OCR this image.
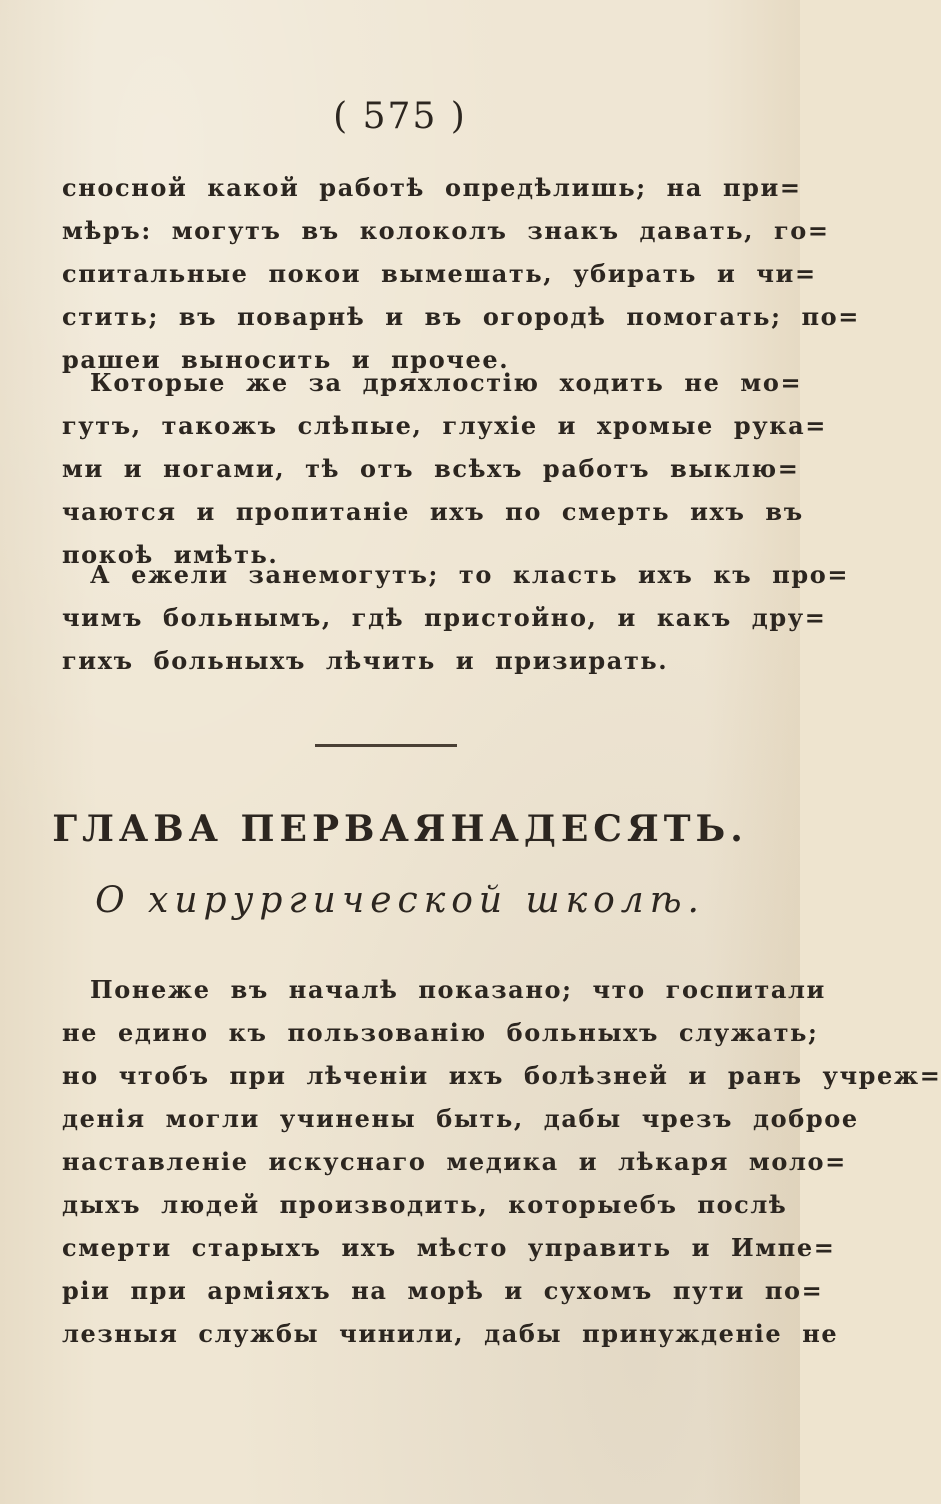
( 575 )
сносной какой работѣ опредѣлишь; на при=
мѣръ: могутъ въ колоколъ знакъ давать, го=
спитальные покои вымешать, убирать и чи=
стить; въ поварнѣ и въ огородѣ помогать; по=
рашеи выносить и прочее.
Которые же за дряхлостію ходить не мо=
гутъ, такожъ слѣпые, глухіе и хромые рука=
ми и ногами, тѣ отъ всѣхъ работъ выклю=
чаются и пропитаніе ихъ по смерть ихъ въ
покоѣ имѣть.
А ежели занемогутъ; то класть ихъ къ про=
чимъ больнымъ, гдѣ пристойно, и какъ дру=
гихъ больныхъ лѣчить и призирать.
ГЛАВА ПЕРВАЯНАДЕСЯТЬ.
О хирургической школѣ.
Понеже въ началѣ показано; что госпитали
не едино къ пользованію больныхъ служать;
но чтобъ при лѣченіи ихъ болѣзней и ранъ учреж=
денія могли учинены быть, дабы чрезъ доброе
наставленіе искуснаго медика и лѣкаря моло=
дыхъ людей производить, которыебъ послѣ
смерти старыхъ ихъ мѣсто управить и Импе=
ріи при арміяхъ на морѣ и сухомъ пути по=
лезныя службы чинили, дабы принужденіе не
